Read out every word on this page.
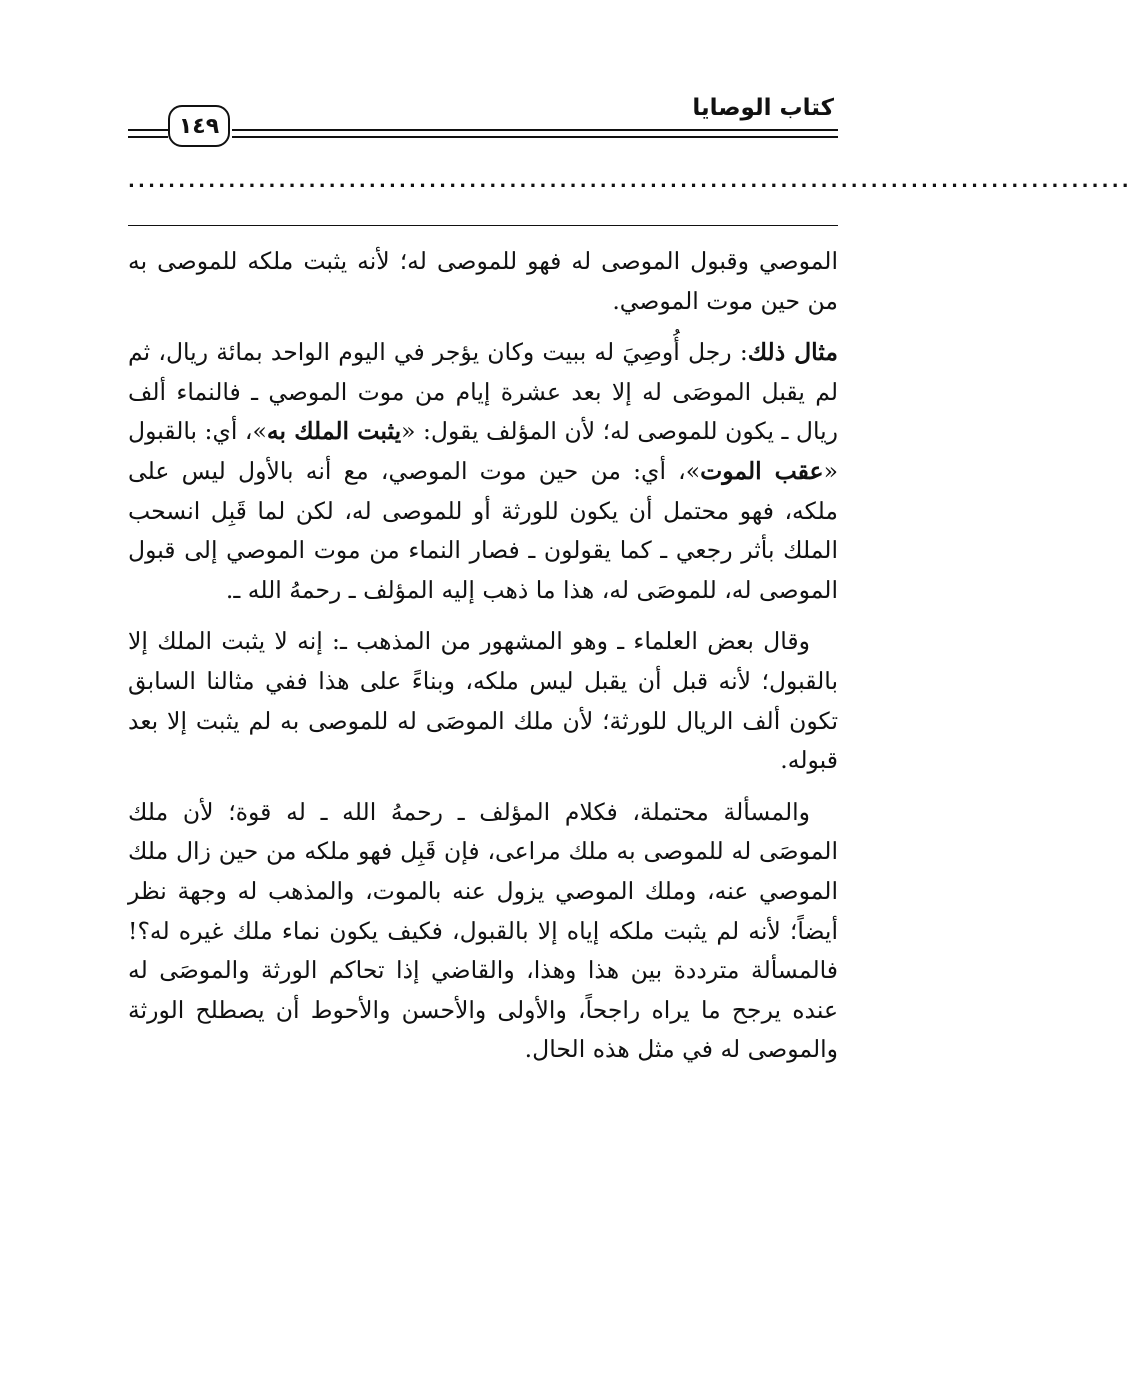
١٤٩
كتاب الوصايا
....................................................................................................

الموصي وقبول الموصى له فهو للموصى له؛ لأنه يثبت ملكه للموصى به من حين موت الموصي.

مثال ذلك: رجل أُوصِيَ له ببيت وكان يؤجر في اليوم الواحد بمائة ريال، ثم لم يقبل الموصَى له إلا بعد عشرة إيام من موت الموصي ـ فالنماء ألف ريال ـ يكون للموصى له؛ لأن المؤلف يقول: «يثبت الملك به»، أي: بالقبول «عقب الموت»، أي: من حين موت الموصي، مع أنه بالأول ليس على ملكه، فهو محتمل أن يكون للورثة أو للموصى له، لكن لما قَبِل انسحب الملك بأثر رجعي ـ كما يقولون ـ فصار النماء من موت الموصي إلى قبول الموصى له، للموصَى له، هذا ما ذهب إليه المؤلف ـ رحمهُ الله ـ.

وقال بعض العلماء ـ وهو المشهور من المذهب ـ: إنه لا يثبت الملك إلا بالقبول؛ لأنه قبل أن يقبل ليس ملكه، وبناءً على هذا ففي مثالنا السابق تكون ألف الريال للورثة؛ لأن ملك الموصَى له للموصى به لم يثبت إلا بعد قبوله.

والمسألة محتملة، فكلام المؤلف ـ رحمهُ الله ـ له قوة؛ لأن ملك الموصَى له للموصى به ملك مراعى، فإن قَبِل فهو ملكه من حين زال ملك الموصي عنه، وملك الموصي يزول عنه بالموت، والمذهب له وجهة نظر أيضاً؛ لأنه لم يثبت ملكه إياه إلا بالقبول، فكيف يكون نماء ملك غيره له؟! فالمسألة مترددة بين هذا وهذا، والقاضي إذا تحاكم الورثة والموصَى له عنده يرجح ما يراه راجحاً، والأولى والأحسن والأحوط أن يصطلح الورثة والموصى له في مثل هذه الحال.
